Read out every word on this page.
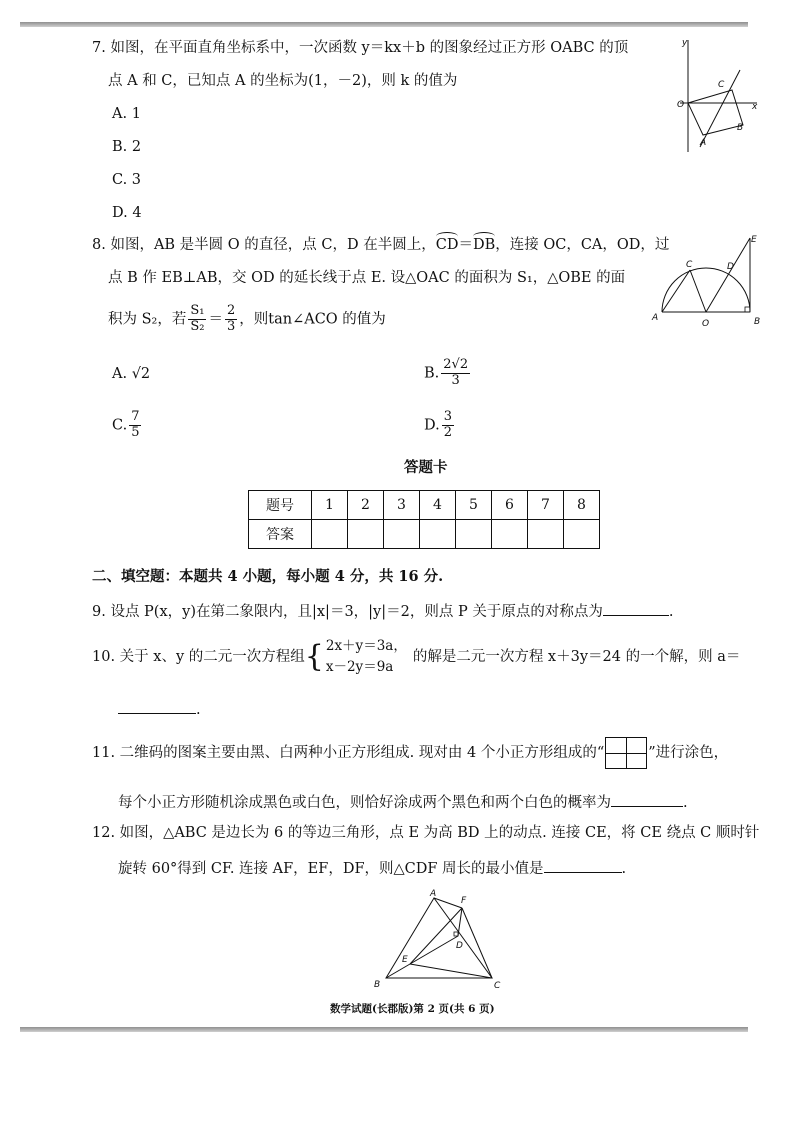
7. 如图，在平面直角坐标系中，一次函数 y＝kx＋b 的图象经过正方形 OABC 的顶
点 A 和 C，已知点 A 的坐标为(1，－2)，则 k 的值为
A. 1
B. 2
C. 3
D. 4
y
x
O
A
B
C
8. 如图，AB 是半圆 O 的直径，点 C，D 在半圆上，CD＝DB，连接 OC，CA，OD，过
点 B 作 EB⊥AB，交 OD 的延长线于点 E. 设△OAC 的面积为 S₁，△OBE 的面
积为 S₂，若 $\frac{\text{S₁}}{\text{S₂}} = \frac{2}{3}$ ，则tan∠ACO 的值为
A. √2	B. $\frac{2√2}{3}$
C. $\frac{7}{5}$	D. $\frac{3}{2}$
A	B
C	D
E
O
答题卡
题号	1	2	3	4	5	6	7	8
答案								
二、填空题：本题共 4 小题，每小题 4 分，共 16 分.
9. 设点 P(x，y)在第二象限内，且|x|＝3，|y|＝2，则点 P 关于原点的对称点为	.
10. 关于 x、y 的二元一次方程组{ 2x＋y＝3a，
x－2y＝9a
的解是二元一次方程 x＋3y＝24 的一个解，则 a＝
.
11. 二维码的图案主要由黑、白两种小正方形组成. 现对由 4 个小正方形组成的“	”进行涂色，
每个小正方形随机涂成黑色或白色，则恰好涂成两个黑色和两个白色的概率为	.
12. 如图，△ABC 是边长为 6 的等边三角形，点 E 为高 BD 上的动点. 连接 CE，将 CE 绕点 C 顺时针
旋转 60°得到 CF. 连接 AF，EF，DF，则△CDF 周长的最小值是	.
A
B	C
D
E
F
数学试题(长郡版)第 2 页(共 6 页)
